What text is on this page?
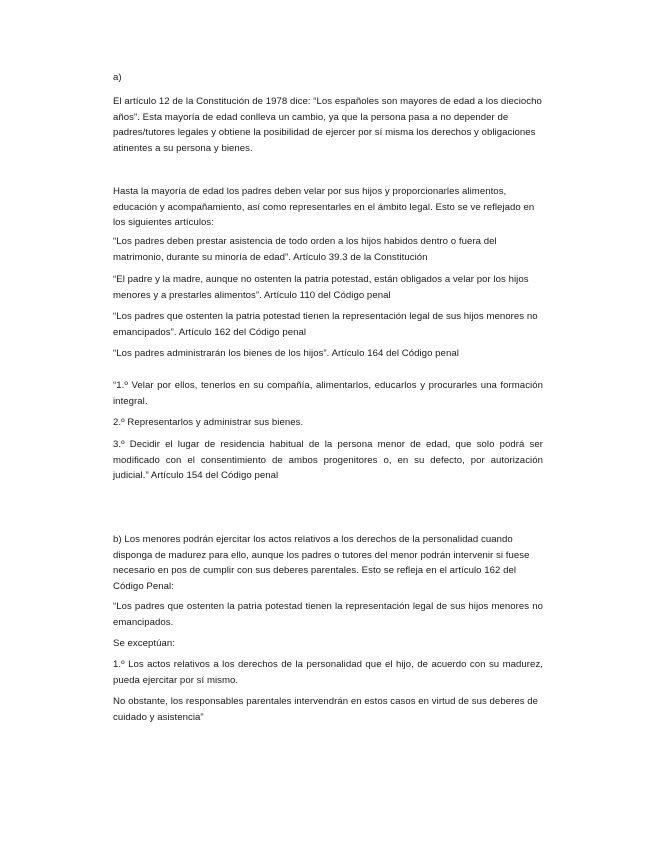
a)

El artículo 12 de la Constitución de 1978 dice: “Los españoles son mayores de edad a los dieciocho años”. Esta mayoría de edad conlleva un cambio, ya que la persona pasa a no depender de padres/tutores legales y obtiene la posibilidad de ejercer por sí misma los derechos y obligaciones atinentes a su persona y bienes.

Hasta la mayoría de edad los padres deben velar por sus hijos y proporcionarles alimentos, educación y acompañamiento, así como representarles en el ámbito legal. Esto se ve reflejado en los siguientes artículos:

“Los padres deben prestar asistencia de todo orden a los hijos habidos dentro o fuera del matrimonio, durante su minoría de edad”. Artículo 39.3 de la Constitución

“El padre y la madre, aunque no ostenten la patria potestad, están obligados a velar por los hijos menores y a prestarles alimentos”. Artículo 110 del Código penal

“Los padres que ostenten la patria potestad tienen la representación legal de sus hijos menores no emancipados”. Artículo 162 del Código penal

“Los padres administrarán los bienes de los hijos”. Artículo 164 del Código penal

“1.º Velar por ellos, tenerlos en su compañía, alimentarlos, educarlos y procurarles una formación integral.

2.º Representarlos y administrar sus bienes.

3.º Decidir el lugar de residencia habitual de la persona menor de edad, que solo podrá ser modificado con el consentimiento de ambos progenitores o, en su defecto, por autorización judicial.” Artículo 154 del Código penal

b) Los menores podrán ejercitar los actos relativos a los derechos de la personalidad cuando disponga de madurez para ello, aunque los padres o tutores del menor podrán intervenir si fuese necesario en pos de cumplir con sus deberes parentales. Esto se refleja en el artículo 162 del Código Penal:

“Los padres que ostenten la patria potestad tienen la representación legal de sus hijos menores no emancipados.

Se exceptúan:

1.º Los actos relativos a los derechos de la personalidad que el hijo, de acuerdo con su madurez, pueda ejercitar por sí mismo.

No obstante, los responsables parentales intervendrán en estos casos en virtud de sus deberes de cuidado y asistencia”
